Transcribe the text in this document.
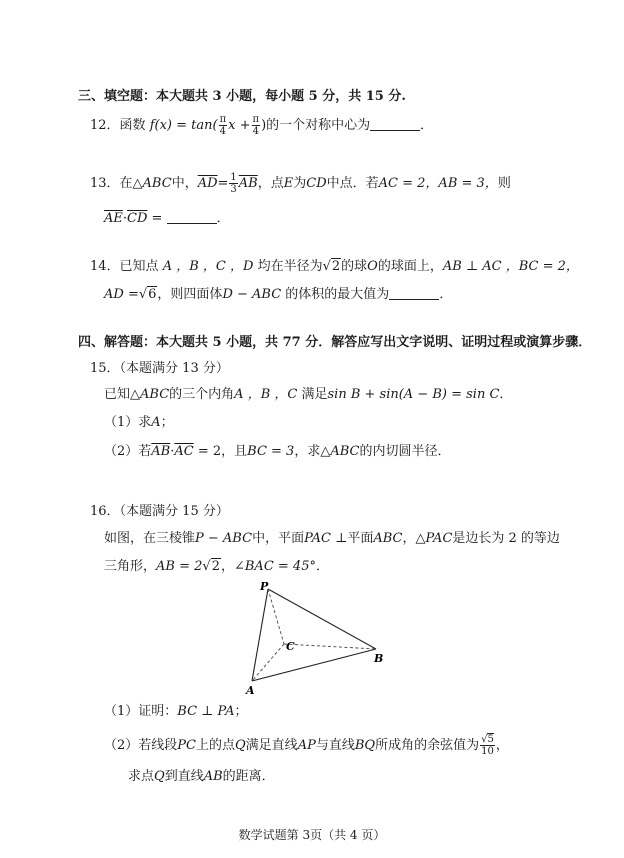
三、填空题：本大题共 3 小题，每小题 5 分，共 15 分.
12．函数 $f(x) = \tan( \frac{\pi}{4}$ $x + \frac{\pi}{4}$ )的一个对称中心为	．
13．在△ABC中，$\overline{AD}= \frac{1}{3} \overline{AB}$，点E为CD中点．若AC = 2，AB = 3，则
$\overline{AE}\cdot\overline{CD}$ =	．
14．已知点 A ，B ，C ，D 均在半径为√2的球O的球面上，AB ⊥ AC ，BC = 2，
AD =√6，则四面体D − ABC 的体积的最大值为	．
四、解答题：本大题共 5 小题，共 77 分．解答应写出文字说明、证明过程或演算步骤．
15．（本题满分 13 分）
已知△ABC的三个内角A ，B ，C 满足sin B + sin(A − B) = sin C．
（1）求A；
（2）若$\overline{AB}\cdot\overline{AC} = 2$，且BC = 3，求△ABC的内切圆半径．
16．（本题满分 15 分）
如图，在三棱锥P − ABC中，平面PAC ⊥平面ABC，△PAC是边长为 2 的等边
三角形，AB = 2√2，∠BAC = 45°．
P
C
B
A
（1）证明：BC ⊥ PA；
（2）若线段PC上的点Q满足直线AP与直线BQ所成角的余弦值为 $\frac{√5}{10}$ ，
求点Q到直线AB的距离．
数学试题第 3页（共 4 页）
